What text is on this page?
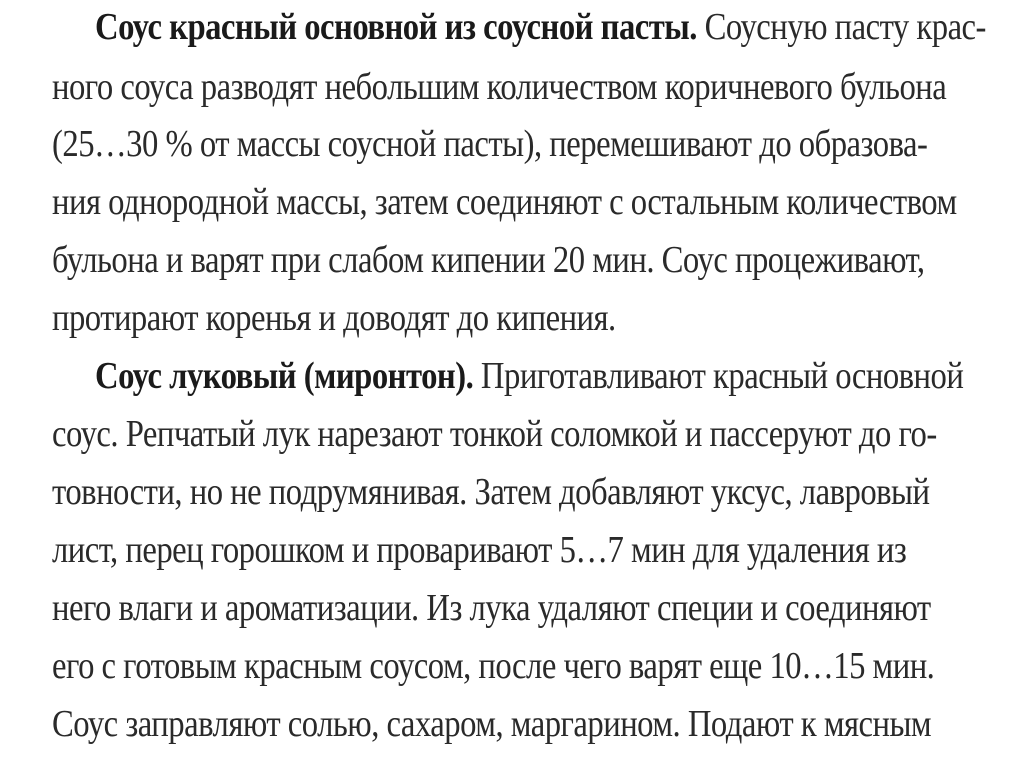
Соус красный основной из соусной пасты. Соусную пасту крас-
ного соуса разводят небольшим количеством коричневого бульона
(25…30 % от массы соусной пасты), перемешивают до образова-
ния однородной массы, затем соединяют с остальным количеством
бульона и варят при слабом кипении 20 мин. Соус процеживают,
протирают коренья и доводят до кипения.
Соус луковый (миронтон). Приготавливают красный основной
соус. Репчатый лук нарезают тонкой соломкой и пассеруют до го-
товности, но не подрумянивая. Затем добавляют уксус, лавровый
лист, перец горошком и проваривают 5…7 мин для удаления из
него влаги и ароматизации. Из лука удаляют специи и соединяют
его с готовым красным соусом, после чего варят еще 10…15 мин.
Соус заправляют солью, сахаром, маргарином. Подают к мясным
